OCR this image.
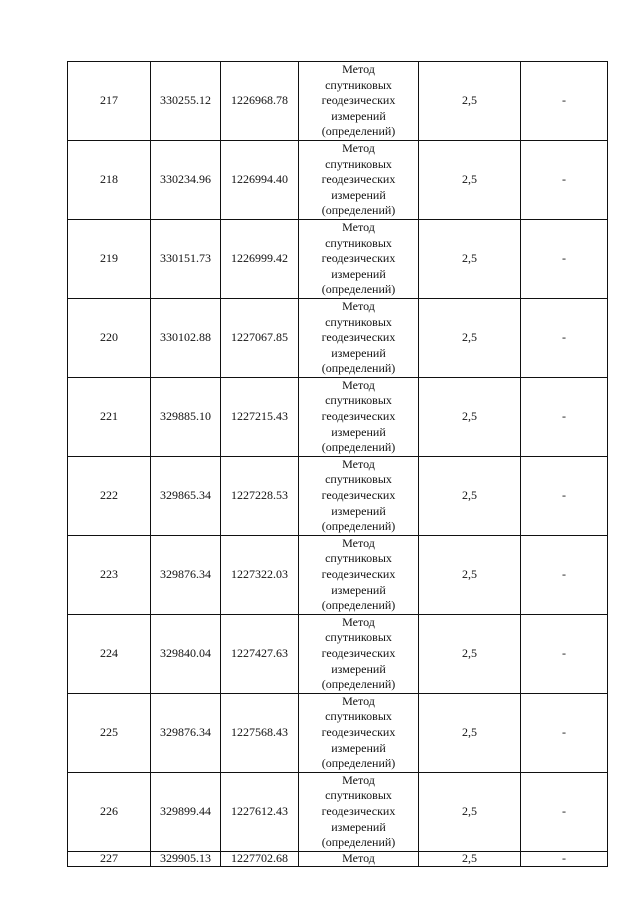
217	330255.12	1226968.78	Метод
спутниковых
геодезических
измерений
(определений)	2,5	-
218	330234.96	1226994.40	Метод
спутниковых
геодезических
измерений
(определений)	2,5	-
219	330151.73	1226999.42	Метод
спутниковых
геодезических
измерений
(определений)	2,5	-
220	330102.88	1227067.85	Метод
спутниковых
геодезических
измерений
(определений)	2,5	-
221	329885.10	1227215.43	Метод
спутниковых
геодезических
измерений
(определений)	2,5	-
222	329865.34	1227228.53	Метод
спутниковых
геодезических
измерений
(определений)	2,5	-
223	329876.34	1227322.03	Метод
спутниковых
геодезических
измерений
(определений)	2,5	-
224	329840.04	1227427.63	Метод
спутниковых
геодезических
измерений
(определений)	2,5	-
225	329876.34	1227568.43	Метод
спутниковых
геодезических
измерений
(определений)	2,5	-
226	329899.44	1227612.43	Метод
спутниковых
геодезических
измерений
(определений)	2,5	-
227	329905.13	1227702.68	Метод	2,5	-
